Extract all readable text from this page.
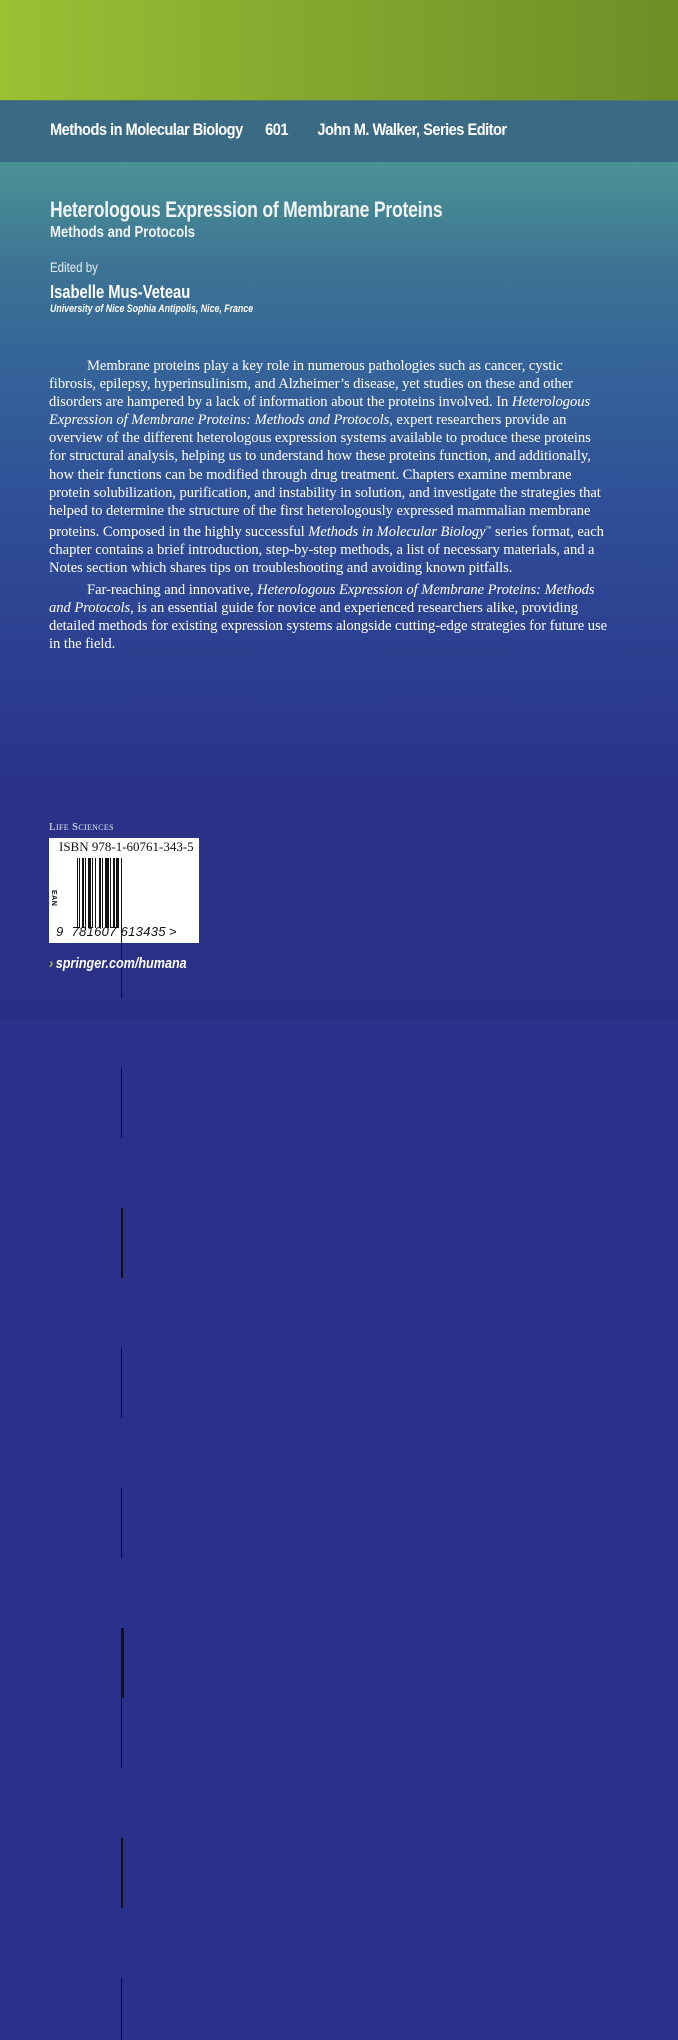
Methods in Molecular Biology 601 John M. Walker, Series Editor
Heterologous Expression of Membrane Proteins
Methods and Protocols
Edited by
Isabelle Mus-Veteau
University of Nice Sophia Antipolis, Nice, France

Membrane proteins play a key role in numerous pathologies such as cancer, cystic fibrosis, epilepsy, hyperinsulinism, and Alzheimer’s disease, yet studies on these and other disorders are hampered by a lack of information about the proteins involved. In Heterologous Expression of Membrane Proteins: Methods and Protocols, expert researchers provide an overview of the different heterologous expression systems available to produce these proteins for structural analysis, helping us to understand how these proteins function, and additionally, how their functions can be modified through drug treatment. Chapters examine membrane protein solubilization, purification, and instability in solution, and investigate the strategies that helped to determine the structure of the first heterologously expressed mammalian membrane proteins. Composed in the highly successful Methods in Molecular Biology™ series format, each chapter contains a brief introduction, step-by-step methods, a list of necessary materials, and a Notes section which shares tips on troubleshooting and avoiding known pitfalls.

Far-reaching and innovative, Heterologous Expression of Membrane Proteins: Methods and Protocols, is an essential guide for novice and experienced researchers alike, providing detailed methods for existing expression systems alongside cutting-edge strategies for future use in the field.

Life Sciences
ISBN 978-1-60761-343-5
EAN
9 781607 613435 >
› springer.com/humana
